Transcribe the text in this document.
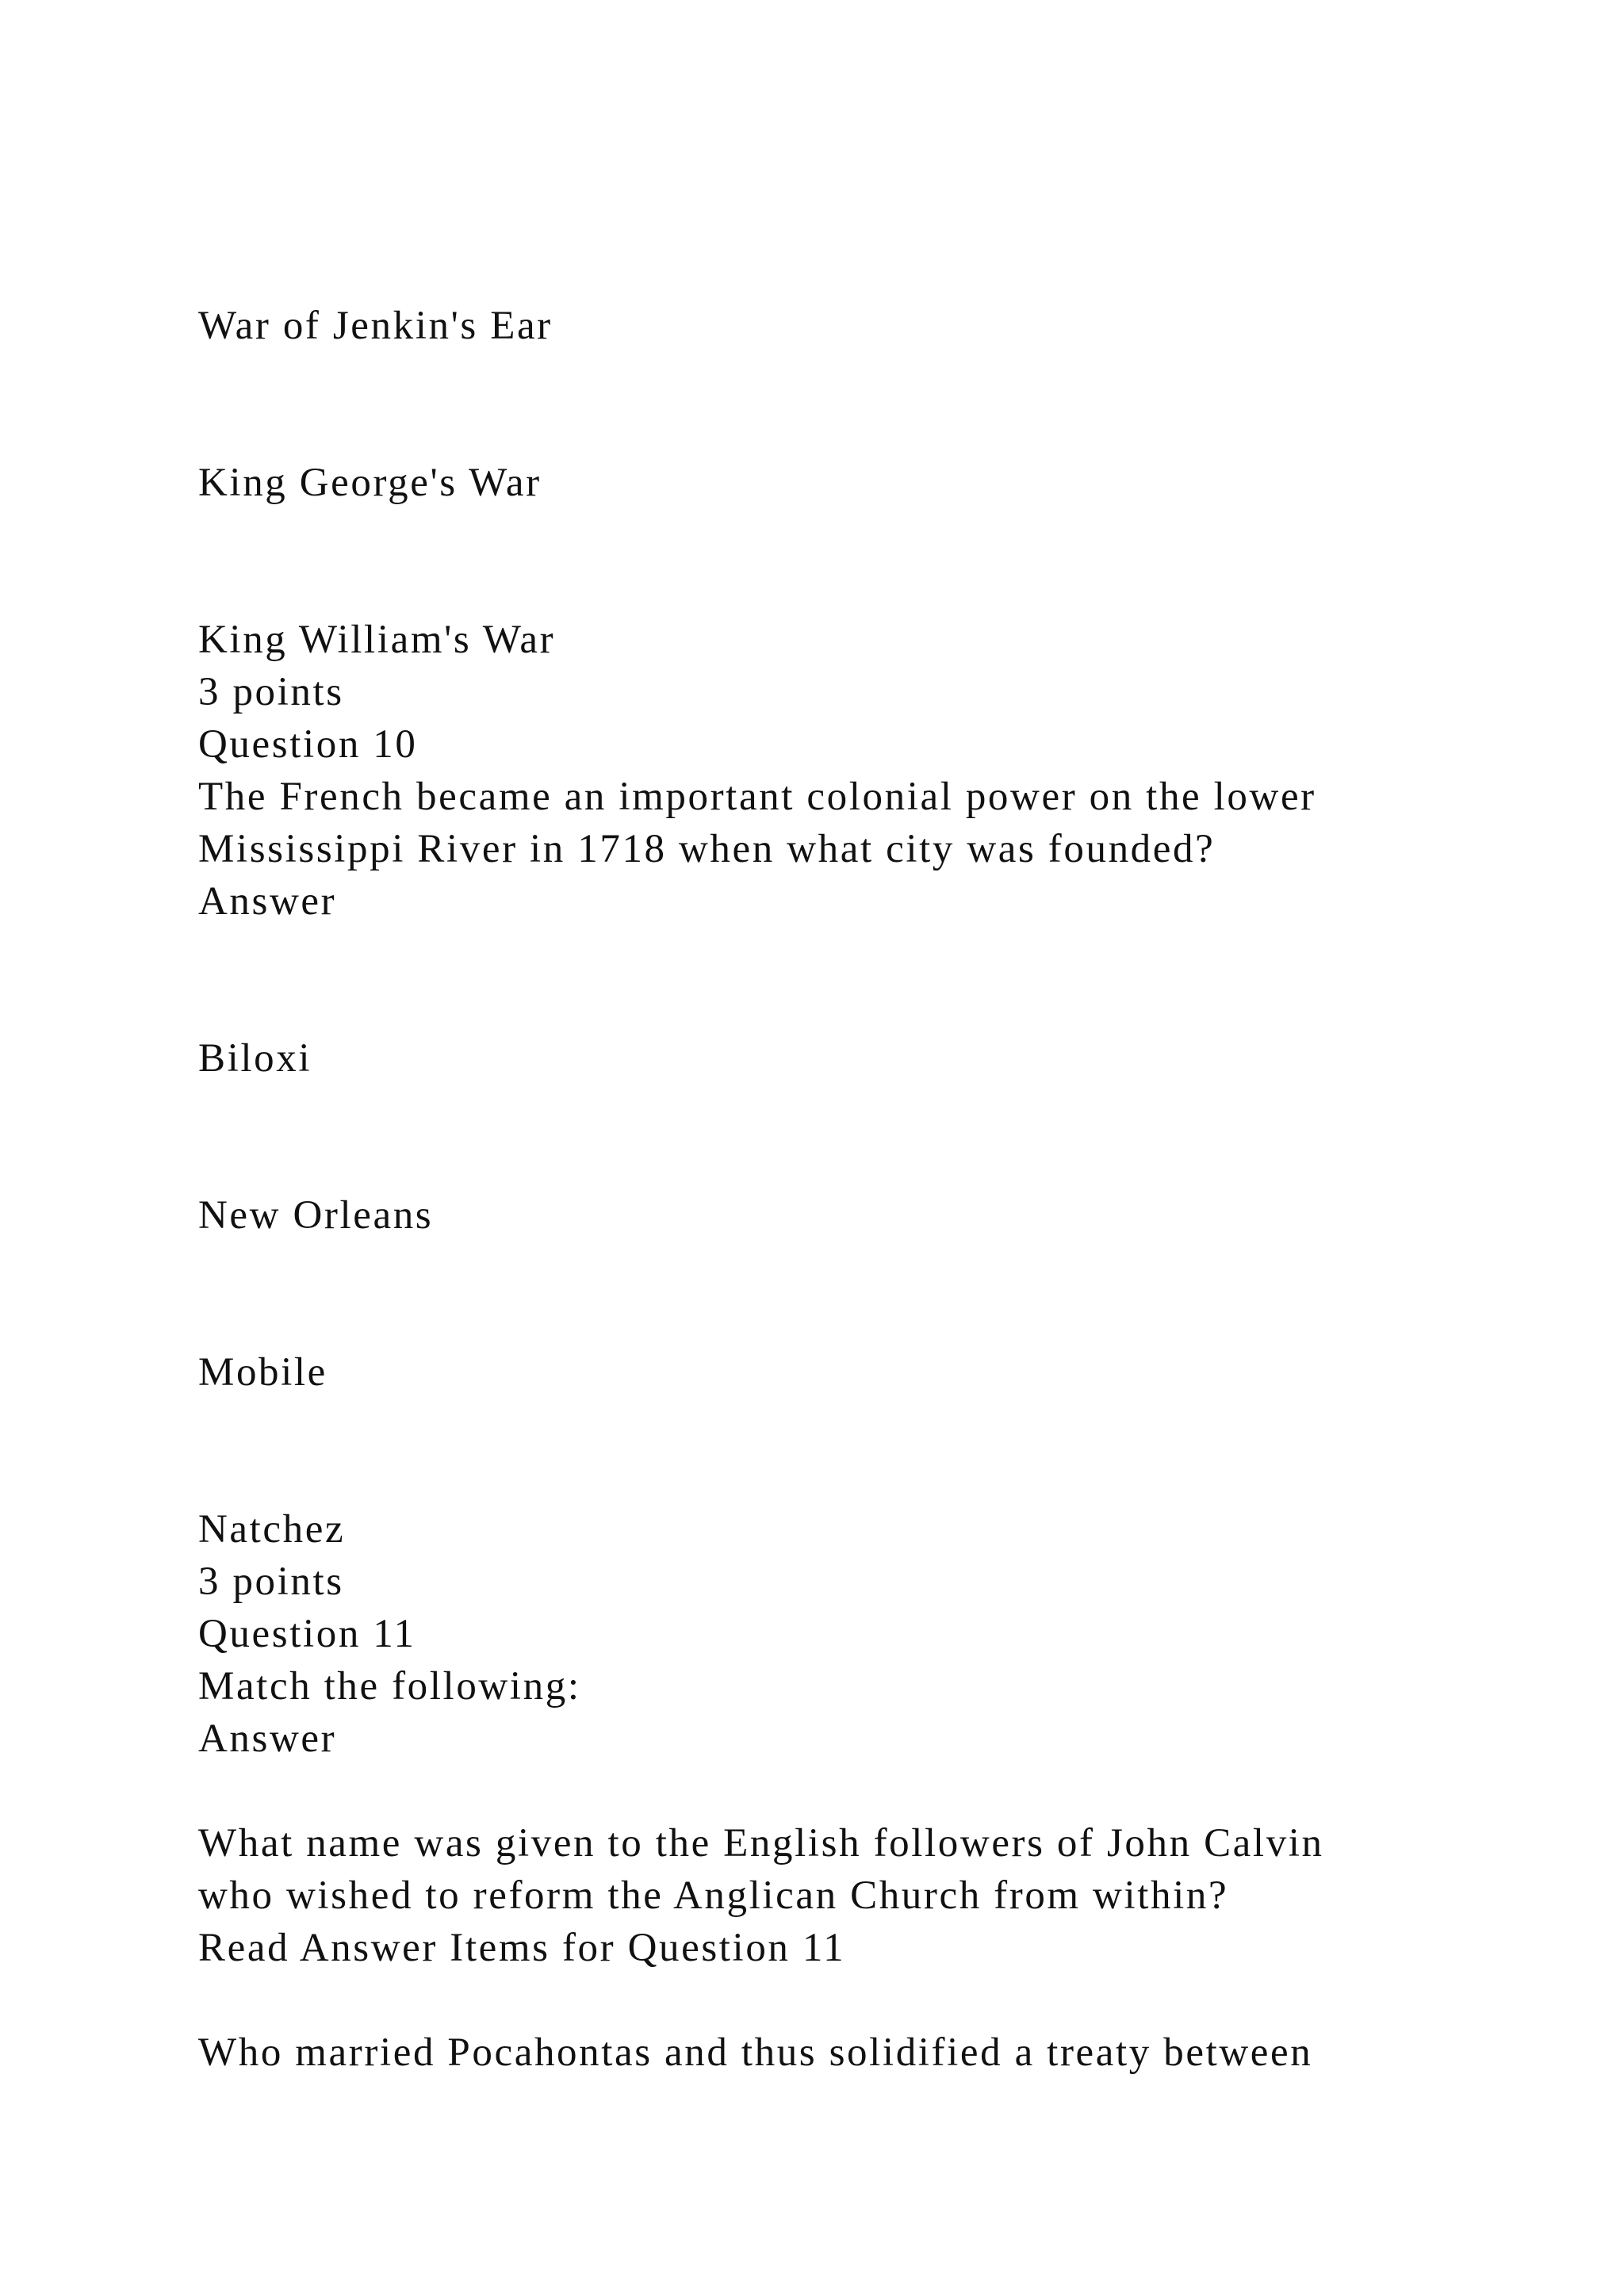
War of Jenkin's Ear

King George's War

King William's War

3 points

Question 10

The French became an important colonial power on the lower

Mississippi River in 1718 when what city was founded?

Answer

Biloxi

New Orleans

Mobile

Natchez

3 points

Question 11

Match the following:

Answer

What name was given to the English followers of John Calvin

who wished to reform the Anglican Church from within?

Read Answer Items for Question 11

Who married Pocahontas and thus solidified a treaty between
